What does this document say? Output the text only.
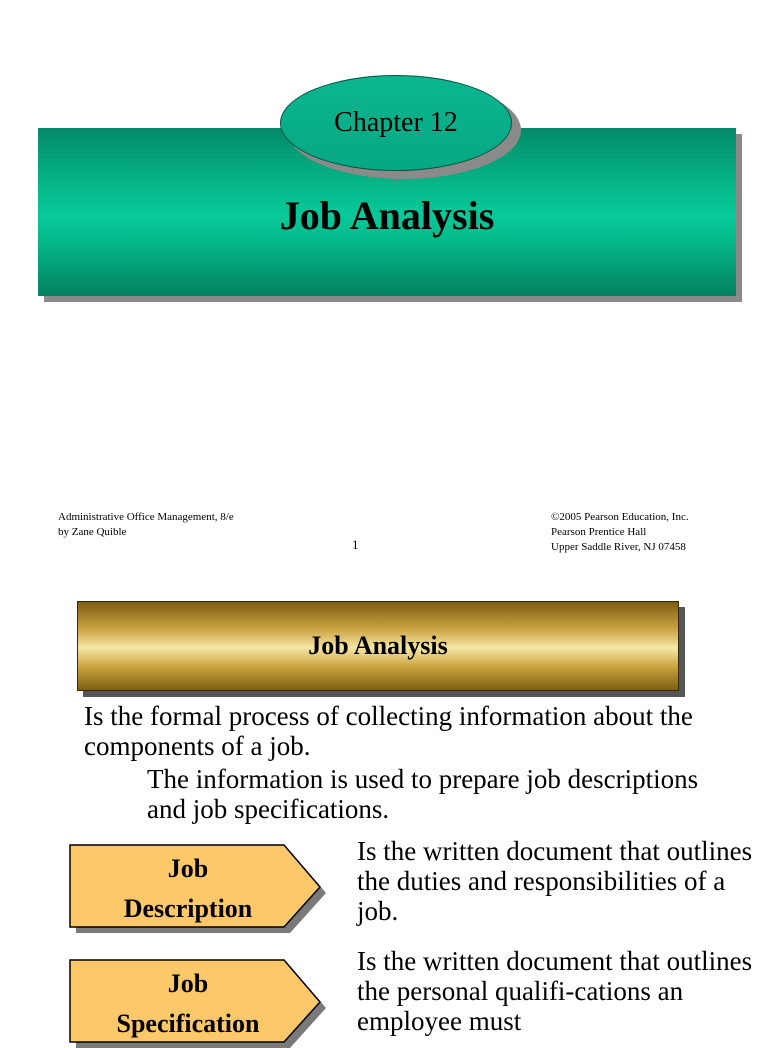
Chapter 12
Job Analysis
Administrative Office Management, 8/e
by Zane Quible
1
©2005 Pearson Education, Inc.
Pearson Prentice Hall
Upper Saddle River, NJ 07458
Job Analysis
Is the formal process of collecting information about the components of a job.
The information is used to prepare job descriptions and job specifications.
Job
Description
Is the written document that outlines the duties and responsibilities of a job.
Job
Specification
Is the written document that outlines the personal qualifi-cations an employee must
